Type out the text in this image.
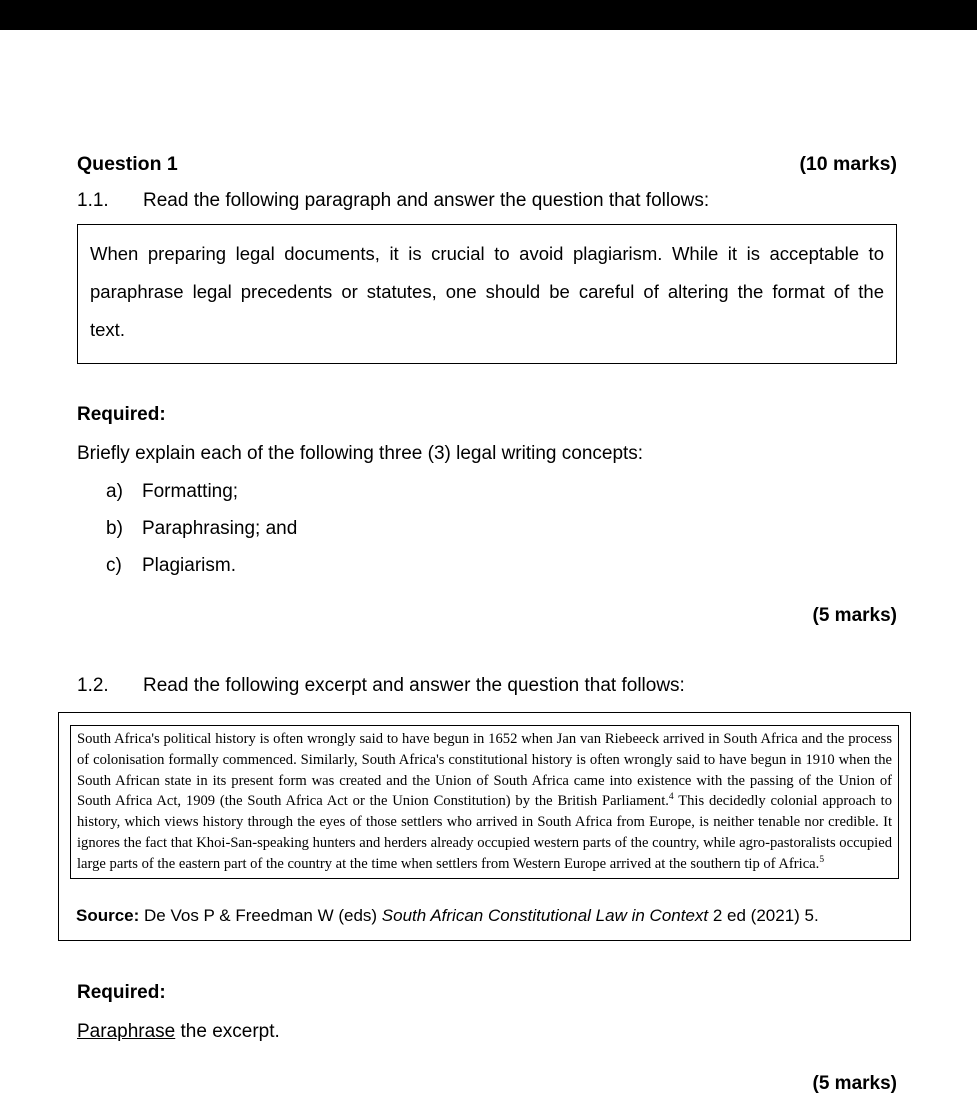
Question 1	(10 marks)
1.1.	Read the following paragraph and answer the question that follows:

When preparing legal documents, it is crucial to avoid plagiarism. While it is acceptable to paraphrase legal precedents or statutes, one should be careful of altering the format of the text.

Required:
Briefly explain each of the following three (3) legal writing concepts:
a)	Formatting;
b)	Paraphrasing; and
c)	Plagiarism.
(5 marks)
1.2.	Read the following excerpt and answer the question that follows:

South Africa's political history is often wrongly said to have begun in 1652 when Jan van Riebeeck arrived in South Africa and the process of colonisation formally commenced. Similarly, South Africa's constitutional history is often wrongly said to have begun in 1910 when the South African state in its present form was created and the Union of South Africa came into existence with the passing of the Union of South Africa Act, 1909 (the South Africa Act or the Union Constitution) by the British Parliament.$^4$ This decidedly colonial approach to history, which views history through the eyes of those settlers who arrived in South Africa from Europe, is neither tenable nor credible. It ignores the fact that Khoi-San-speaking hunters and herders already occupied western parts of the country, while agro-pastoralists occupied large parts of the eastern part of the country at the time when settlers from Western Europe arrived at the southern tip of Africa.$^5$

Source: De Vos P & Freedman W (eds) South African Constitutional Law in Context 2 ed (2021) 5.
Required:
Paraphrase the excerpt.
(5 marks)
